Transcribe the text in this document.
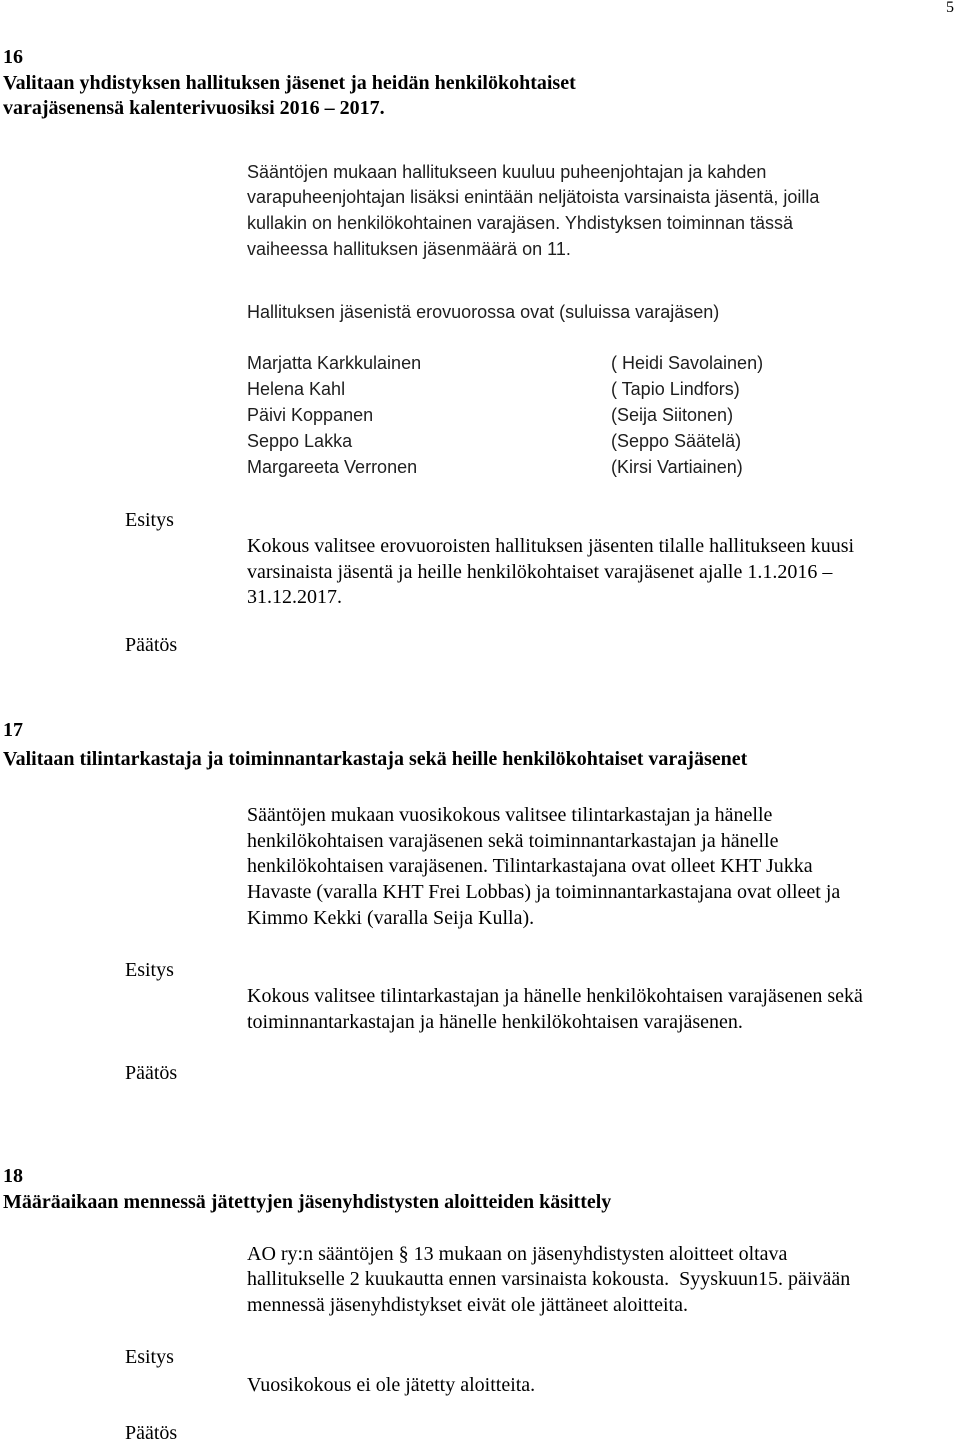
5
16
Valitaan yhdistyksen hallituksen jäsenet ja heidän henkilökohtaiset
varajäsenensä kalenterivuosiksi 2016 – 2017.
Sääntöjen mukaan hallitukseen kuuluu puheenjohtajan ja kahden
varapuheenjohtajan lisäksi enintään neljätoista varsinaista jäsentä, joilla
kullakin on henkilökohtainen varajäsen. Yhdistyksen toiminnan tässä
vaiheessa hallituksen jäsenmäärä on 11.
Hallituksen jäsenistä erovuorossa ovat (suluissa varajäsen)
Marjatta Karkkulainen	( Heidi Savolainen)
Helena Kahl	( Tapio Lindfors)
Päivi Koppanen	(Seija Siitonen)
Seppo Lakka	(Seppo Säätelä)
Margareeta Verronen	(Kirsi Vartiainen)
Esitys
Kokous valitsee erovuoroisten hallituksen jäsenten tilalle hallitukseen kuusi
varsinaista jäsentä ja heille henkilökohtaiset varajäsenet ajalle 1.1.2016 –
31.12.2017.
Päätös
17
Valitaan tilintarkastaja ja toiminnantarkastaja sekä heille henkilökohtaiset varajäsenet
Sääntöjen mukaan vuosikokous valitsee tilintarkastajan ja hänelle
henkilökohtaisen varajäsenen sekä toiminnantarkastajan ja hänelle
henkilökohtaisen varajäsenen. Tilintarkastajana ovat olleet KHT Jukka
Havaste (varalla KHT Frei Lobbas) ja toiminnantarkastajana ovat olleet ja
Kimmo Kekki (varalla Seija Kulla).
Esitys
Kokous valitsee tilintarkastajan ja hänelle henkilökohtaisen varajäsenen sekä
toiminnantarkastajan ja hänelle henkilökohtaisen varajäsenen.
Päätös
18
Määräaikaan mennessä jätettyjen jäsenyhdistysten aloitteiden käsittely
AO ry:n sääntöjen § 13 mukaan on jäsenyhdistysten aloitteet oltava
hallitukselle 2 kuukautta ennen varsinaista kokousta.  Syyskuun15. päivään
mennessä jäsenyhdistykset eivät ole jättäneet aloitteita.
Esitys
Vuosikokous ei ole jätetty aloitteita.
Päätös
